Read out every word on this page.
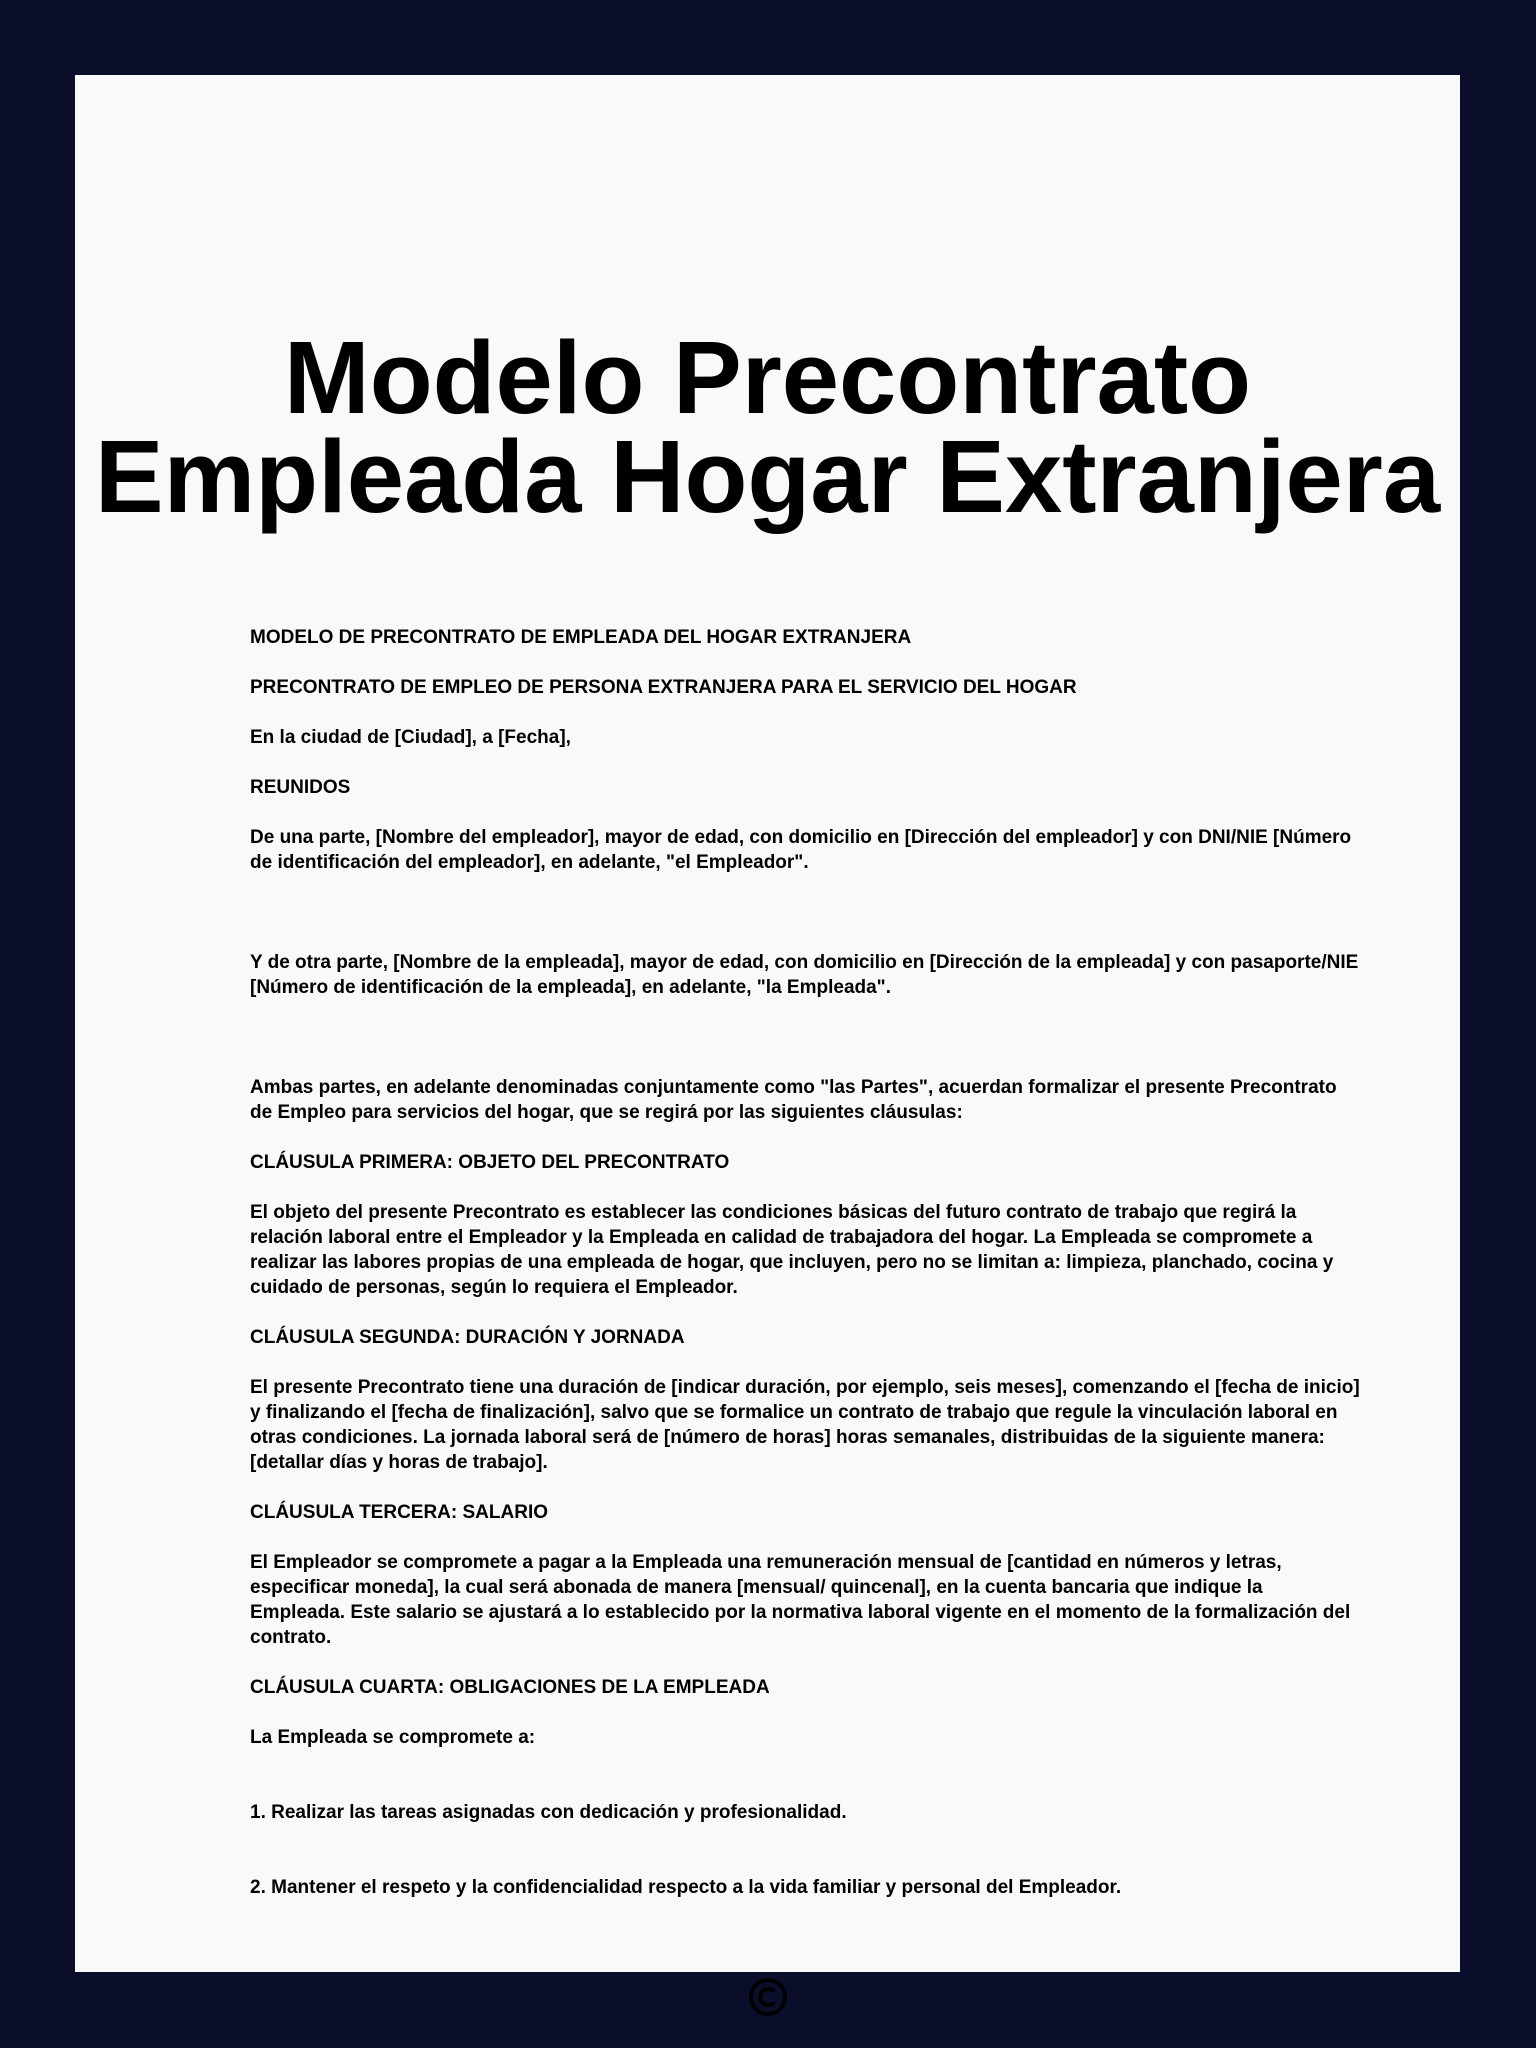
Modelo Precontrato
Empleada Hogar Extranjera

MODELO DE PRECONTRATO DE EMPLEADA DEL HOGAR EXTRANJERA

PRECONTRATO DE EMPLEO DE PERSONA EXTRANJERA PARA EL SERVICIO DEL HOGAR

En la ciudad de [Ciudad], a [Fecha],

REUNIDOS

De una parte, [Nombre del empleador], mayor de edad, con domicilio en [Dirección del empleador] y con DNI/NIE [Número de identificación del empleador], en adelante, "el Empleador".

Y de otra parte, [Nombre de la empleada], mayor de edad, con domicilio en [Dirección de la empleada] y con pasaporte/NIE [Número de identificación de la empleada], en adelante, "la Empleada".

Ambas partes, en adelante denominadas conjuntamente como "las Partes", acuerdan formalizar el presente Precontrato de Empleo para servicios del hogar, que se regirá por las siguientes cláusulas:

CLÁUSULA PRIMERA: OBJETO DEL PRECONTRATO

El objeto del presente Precontrato es establecer las condiciones básicas del futuro contrato de trabajo que regirá la relación laboral entre el Empleador y la Empleada en calidad de trabajadora del hogar. La Empleada se compromete a realizar las labores propias de una empleada de hogar, que incluyen, pero no se limitan a: limpieza, planchado, cocina y cuidado de personas, según lo requiera el Empleador.

CLÁUSULA SEGUNDA: DURACIÓN Y JORNADA

El presente Precontrato tiene una duración de [indicar duración, por ejemplo, seis meses], comenzando el [fecha de inicio] y finalizando el [fecha de finalización], salvo que se formalice un contrato de trabajo que regule la vinculación laboral en otras condiciones. La jornada laboral será de [número de horas] horas semanales, distribuidas de la siguiente manera: [detallar días y horas de trabajo].

CLÁUSULA TERCERA: SALARIO

El Empleador se compromete a pagar a la Empleada una remuneración mensual de [cantidad en números y letras, especificar moneda], la cual será abonada de manera [mensual/ quincenal], en la cuenta bancaria que indique la Empleada. Este salario se ajustará a lo establecido por la normativa laboral vigente en el momento de la formalización del contrato.

CLÁUSULA CUARTA: OBLIGACIONES DE LA EMPLEADA

La Empleada se compromete a:

1. Realizar las tareas asignadas con dedicación y profesionalidad.

2. Mantener el respeto y la confidencialidad respecto a la vida familiar y personal del Empleador.
